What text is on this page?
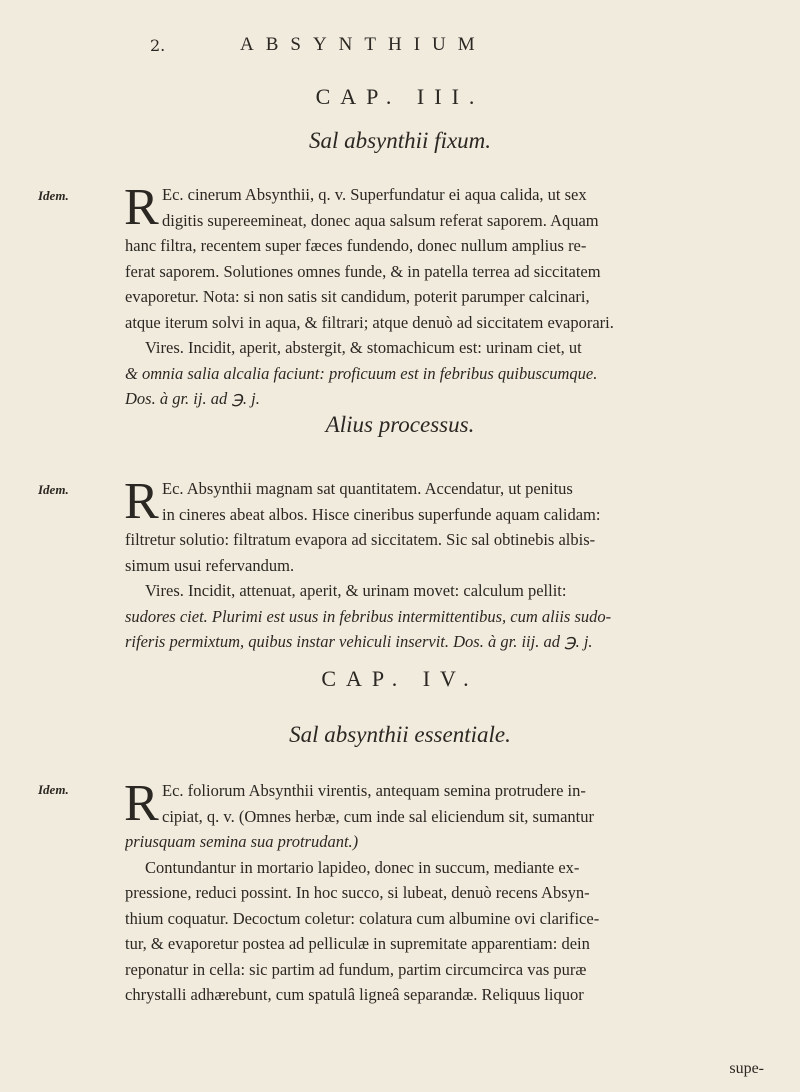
2.	ABSYNTHIUM
CAP. III.
Sal absynthii fixum.
Idem. R Ec. cinerum Absynthii, q. v. Superfundatur ei aqua calida, ut sex
digitis supereemineat, donec aqua salsum referat saporem. Aquam
hanc filtra, recentem super fæces fundendo, donec nullum amplius re-
ferat saporem. Solutiones omnes funde, & in patella terrea ad siccitatem
evaporetur. Nota: si non satis sit candidum, poterit parumper calcinari,
atque iterum solvi in aqua, & filtrari; atque denuò ad siccitatem evaporari.
Vires. Incidit, aperit, abstergit, & stomachicum est: urinam ciet, ut
& omnia salia alcalia faciunt: proficuum est in febribus quibuscumque.
Dos. à gr. ij. ad ℈. j.
Alius processus.
Idem. R Ec. Absynthii magnam sat quantitatem. Accendatur, ut penitus
in cineres abeat albos. Hisce cineribus superfunde aquam calidam:
filtretur solutio: filtratum evapora ad siccitatem. Sic sal obtinebis albis-
simum usui refervandum.
Vires. Incidit, attenuat, aperit, & urinam movet: calculum pellit:
sudores ciet. Plurimi est usus in febribus intermittentibus, cum aliis sudo-
riferis permixtum, quibus instar vehiculi inservit. Dos. à gr. iij. ad ℈. j.
CAP. IV.
Sal absynthii essentiale.
Idem. R Ec. foliorum Absynthii virentis, antequam semina protrudere in-
cipiat, q. v. (Omnes herbæ, cum inde sal eliciendum sit, sumantur
priusquam semina sua protrudant.)
Contundantur in mortario lapideo, donec in succum, mediante ex-
pressione, reduci possint. In hoc succo, si lubeat, denuò recens Absyn-
thium coquatur. Decoctum coletur: colatura cum albumine ovi clarifice-
tur, & evaporetur postea ad pelliculæ in supremitate apparentiam: dein
reponatur in cella: sic partim ad fundum, partim circumcirca vas puræ
chrystalli adhærebunt, cum spatulâ ligneâ separandæ. Reliquus liquor
supe-
